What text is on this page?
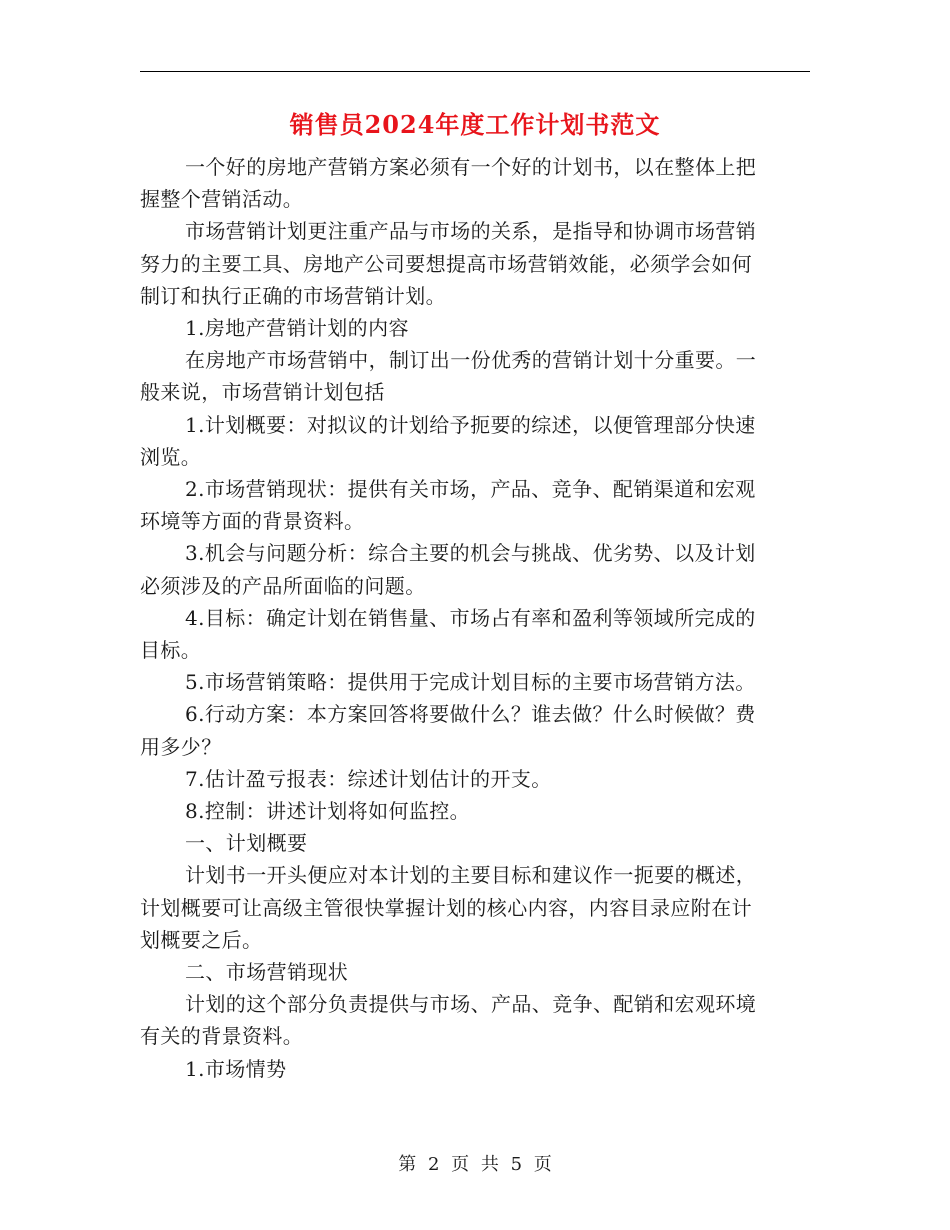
销售员2024年度工作计划书范文

一个好的房地产营销方案必须有一个好的计划书，以在整体上把
握整个营销活动。

市场营销计划更注重产品与市场的关系，是指导和协调市场营销
努力的主要工具、房地产公司要想提高市场营销效能，必须学会如何
制订和执行正确的市场营销计划。

1.房地产营销计划的内容

在房地产市场营销中，制订出一份优秀的营销计划十分重要。一
般来说，市场营销计划包括

1.计划概要：对拟议的计划给予扼要的综述，以便管理部分快速
浏览。

2.市场营销现状：提供有关市场，产品、竞争、配销渠道和宏观
环境等方面的背景资料。

3.机会与问题分析：综合主要的机会与挑战、优劣势、以及计划
必须涉及的产品所面临的问题。

4.目标：确定计划在销售量、市场占有率和盈利等领域所完成的
目标。

5.市场营销策略：提供用于完成计划目标的主要市场营销方法。

6.行动方案：本方案回答将要做什么？谁去做？什么时候做？费
用多少？

7.估计盈亏报表：综述计划估计的开支。

8.控制：讲述计划将如何监控。

一、计划概要

计划书一开头便应对本计划的主要目标和建议作一扼要的概述，
计划概要可让高级主管很快掌握计划的核心内容，内容目录应附在计
划概要之后。

二、市场营销现状

计划的这个部分负责提供与市场、产品、竞争、配销和宏观环境
有关的背景资料。

1.市场情势

第 2 页 共 5 页
